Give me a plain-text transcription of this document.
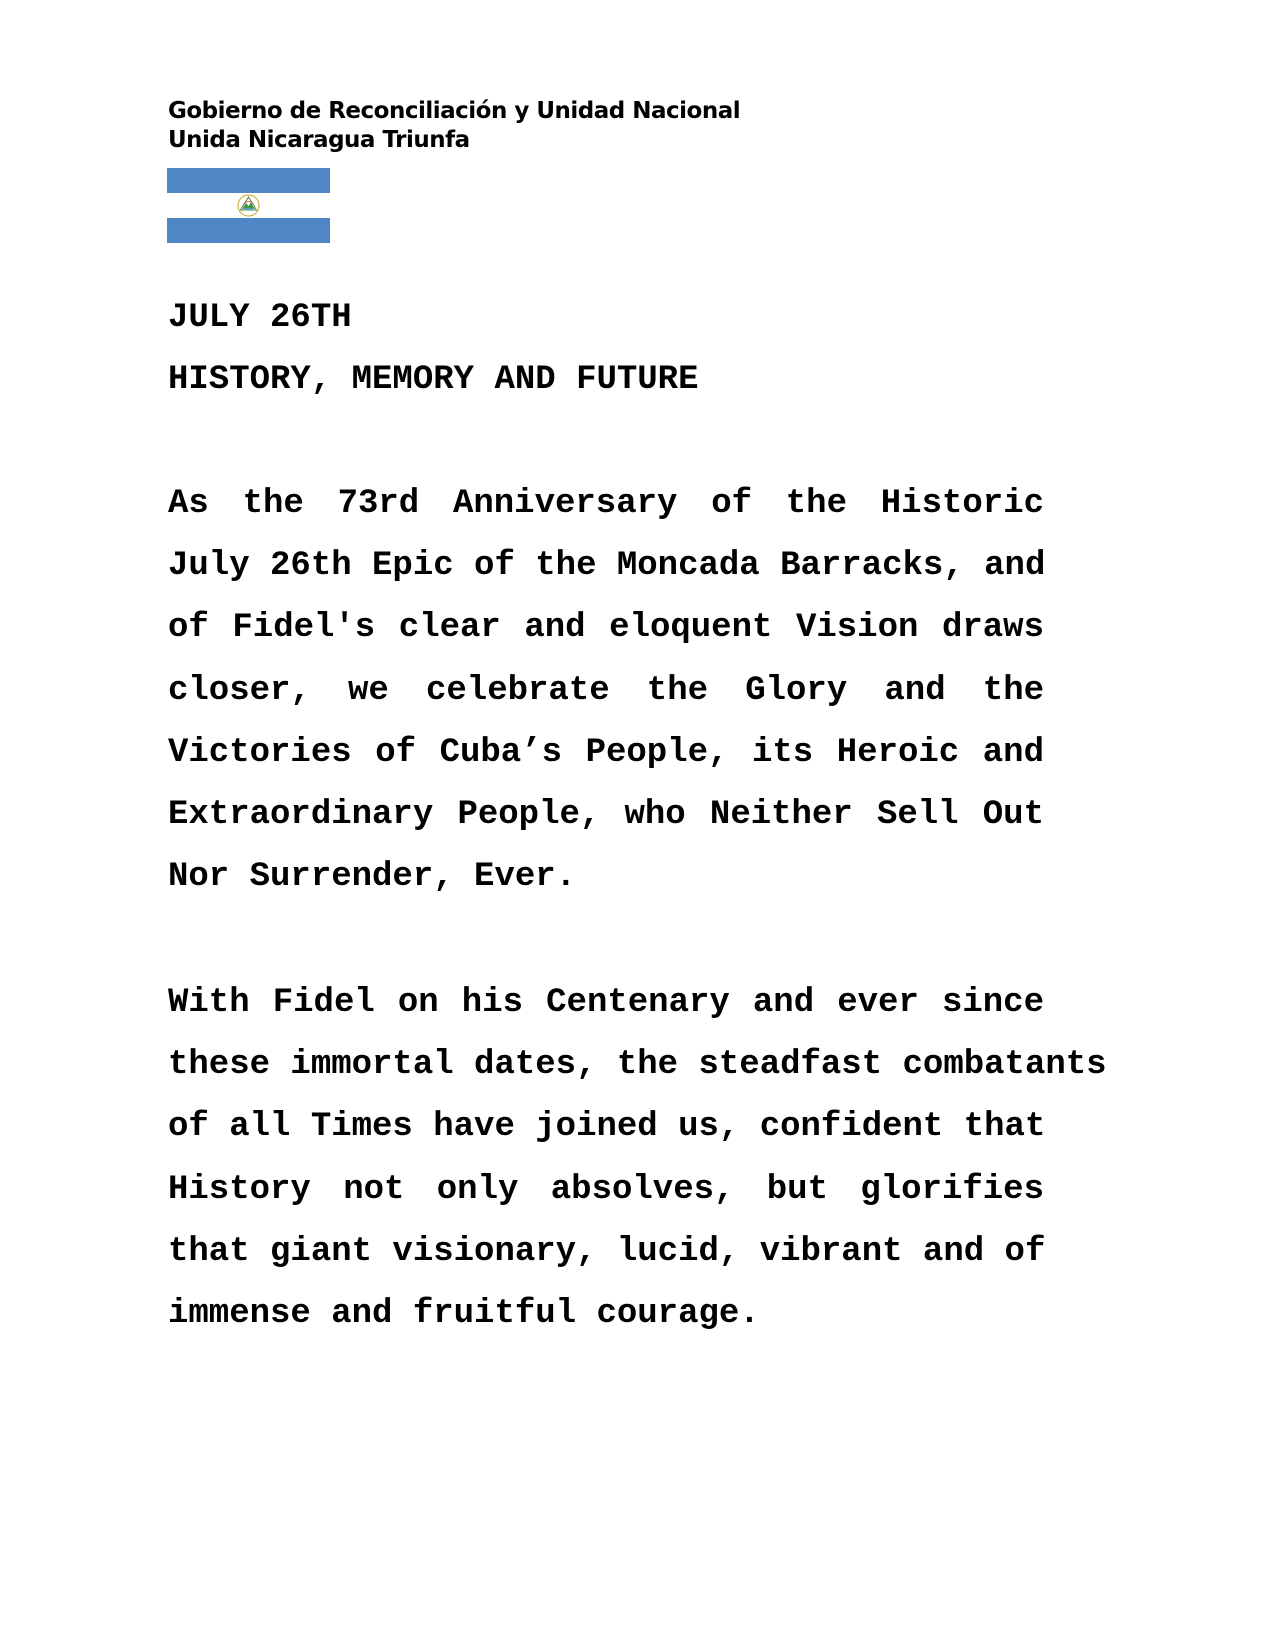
Gobierno de Reconciliación y Unidad Nacional
Unida Nicaragua Triunfa
JULY 26TH
HISTORY, MEMORY AND FUTURE
As the 73rd Anniversary of the Historic
July 26th Epic of the Moncada Barracks, and
of Fidel's clear and eloquent Vision draws
closer, we celebrate the Glory and the
Victories of Cuba’s People, its Heroic and
Extraordinary People, who Neither Sell Out
Nor Surrender, Ever.
With Fidel on his Centenary and ever since
these immortal dates, the steadfast combatants
of all Times have joined us, confident that
History not only absolves, but glorifies
that giant visionary, lucid, vibrant and of
immense and fruitful courage.
